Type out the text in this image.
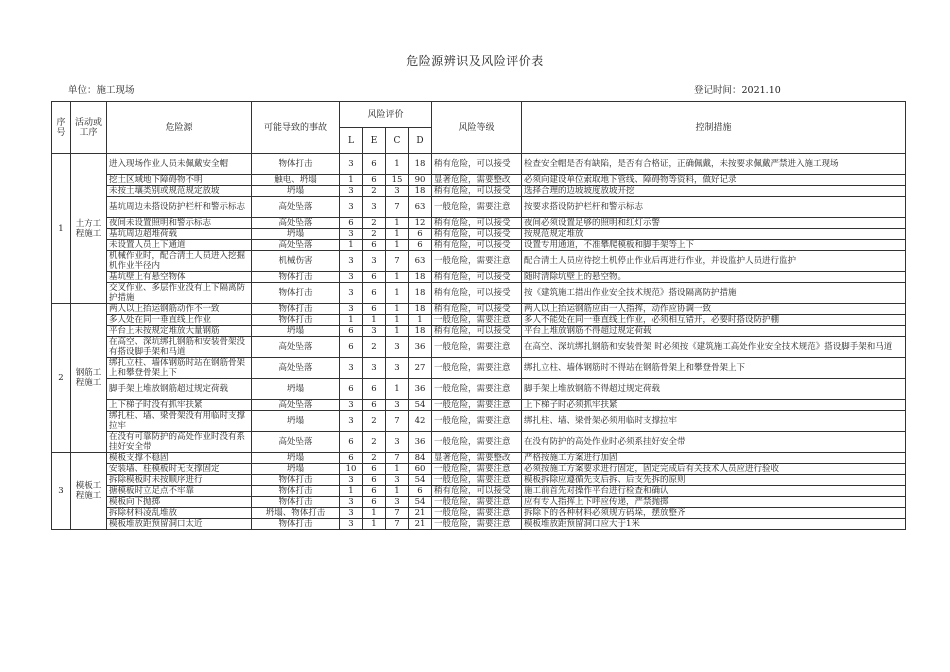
危险源辨识及风险评价表
单位：施工现场	登记时间：2021.10
序号	活动或工序	危险源	可能导致的事故	风险评价				风险等级	控制措施
				L	E	C	D		
1	土方工程施工	进入现场作业人员未佩戴安全帽	物体打击	3	6	1	18	稍有危险，可以接受	检查安全帽是否有缺陷，是否有合格证，正确佩戴，未按要求佩戴严禁进入施工现场
		挖土区域地下障碍物不明	触电、坍塌	1	6	15	90	显著危险，需要整改	必须向建设单位索取地下管线、障碍物等资料，做好记录
		未按土壤类别或规范规定放坡	坍塌	3	2	3	18	稍有危险，可以接受	选择合理的边坡坡度放坡开挖
		基坑周边未搭设防护栏杆和警示标志	高处坠落	3	3	7	63	一般危险，需要注意	按要求搭设防护栏杆和警示标志
		夜间未设置照明和警示标志	高处坠落	6	2	1	12	稍有危险，可以接受	夜间必须设置足够的照明和红灯示警
		基坑周边超堆荷载	坍塌	3	2	1	6	稍有危险，可以接受	按规范规定堆放
		未设置人员上下通道	高处坠落	1	6	1	6	稍有危险，可以接受	设置专用通道，不准攀爬模板和脚手架等上下
		机械作业时，配合清土人员进入挖掘机作业半径内	机械伤害	3	3	7	63	一般危险，需要注意	配合清土人员应待挖土机停止作业后再进行作业，并设监护人员进行监护
		基坑壁上有悬空物体	物体打击	3	6	1	18	稍有危险，可以接受	随时清除坑壁上的悬空物。
		交叉作业、多层作业没有上下隔离防护措施	物体打击	3	6	1	18	稍有危险，可以接受	按《建筑施工措出作业安全技术规范》搭设隔离防护措施
2	钢筋工程施工	两人以上抬运钢筋动作不一致	物体打击	3	6	1	18	稍有危险，可以接受	两人以上抬运钢筋应由一人指挥，动作应协调一致
		多人处在同一垂直线上作业	物体打击	1	1	1	1	一般危险，需要注意	多人不能处在同一垂直线上作业，必须相互错开，必要时搭设防护棚
		平台上未按规定堆放大量钢筋	坍塌	6	3	1	18	稍有危险，可以接受	平台上堆放钢筋不得超过规定荷载
		在高空、深坑绑扎钢筋和安装骨架没有搭设脚手架和马道	高处坠落	6	2	3	36	一般危险，需要注意	在高空、深坑绑扎钢筋和安装骨架 时必须按《建筑施工高处作业安全技术规范》搭设脚手架和马道
		绑扎立柱、墙体钢筋时站在钢筋骨架上和攀登骨架上下	高处坠落	3	3	3	27	一般危险，需要注意	绑扎立柱、墙体钢筋时不得站在钢筋骨架上和攀登骨架上下
		脚手架上堆放钢筋超过规定荷载	坍塌	6	6	1	36	一般危险，需要注意	脚手架上堆放钢筋不得超过规定荷载
		上下梯子时没有抓牢扶紧	高处坠落	3	6	3	54	一般危险，需要注意	上下梯子时必须抓牢扶紧
		绑扎柱、墙、梁骨架没有用临时支撑拉牢	坍塌	3	2	7	42	一般危险，需要注意	绑扎柱、墙、梁骨架必须用临时支撑拉牢
		在没有可靠防护的高处作业时没有系挂好安全带	高处坠落	6	2	3	36	一般危险，需要注意	在没有防护的高处作业时必须系挂好安全带
3	模板工程施工	模板支撑不稳固	坍塌	6	2	7	84	显著危险，需要整改	严格按施工方案进行加固
		安装墙、柱模板时无支撑固定	坍塌	10	6	1	60	一般危险，需要注意	必须按施工方案要求进行固定，固定完成后有关技术人员应进行验收
		拆除模板时未按顺序进行	物体打击	3	6	3	54	一般危险，需要注意	模板拆除应遵循先支后拆、后支先拆的原则
		搪模板时立足点不牢靠	物体打击	1	6	1	6	稍有危险，可以接受	施工前首先对操作平台进行检查和确认
		模板向下抛掷	物体打击	3	6	3	54	一般危险，需要注意	应有专人指挥上下呼应传递，严禁抛掷
		拆除材料凌乱堆放	坍塌、物体打击	3	1	7	21	一般危险，需要注意	拆除下的各种材料必须规方码垛，摆放整齐
		模板堆放距预留洞口太近	物体打击	3	1	7	21	一般危险，需要注意	模板堆放距预留洞口应大于1米
